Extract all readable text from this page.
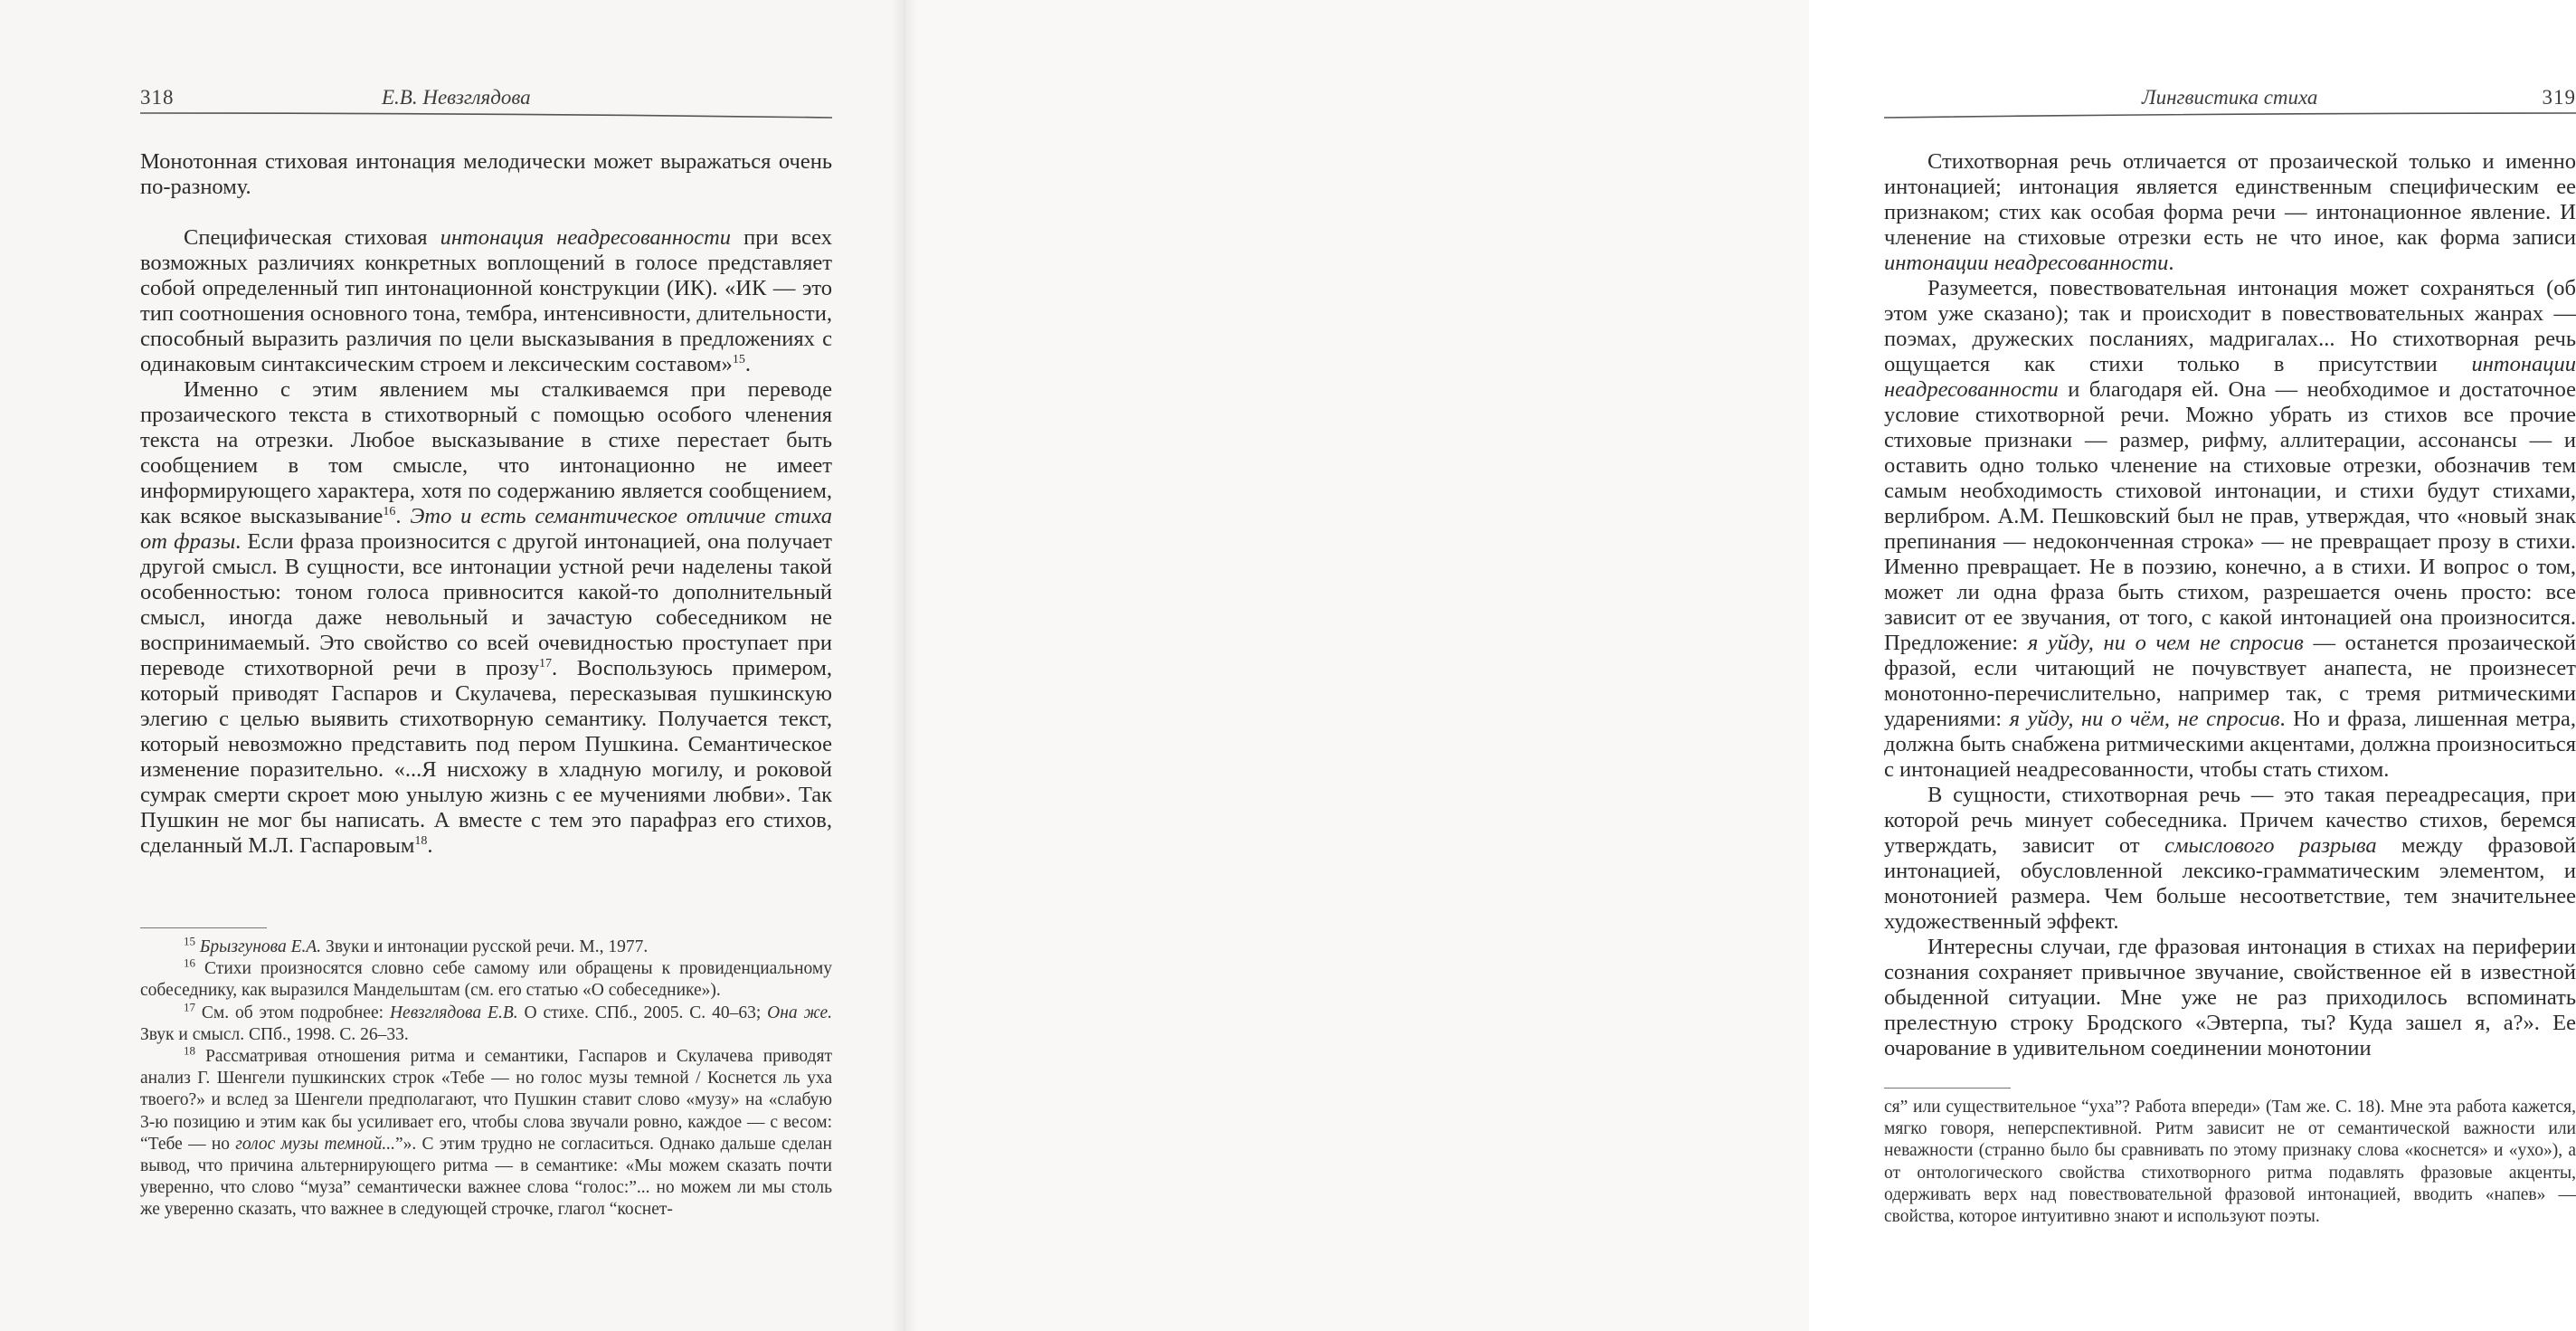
318	Е.В. Невзглядова

Монотонная стиховая интонация мелодически может выражаться очень по-разному.

Специфическая стиховая интонация неадресованности при всех возможных различиях конкретных воплощений в голосе представляет собой определенный тип интонационной конструкции (ИК). «ИК — это тип соотношения основного тона, тембра, интенсивности, длительности, способный выразить различия по цели высказывания в предложениях с одинаковым синтаксическим строем и лексическим составом»$^{15}$.

Именно с этим явлением мы сталкиваемся при переводе прозаического текста в стихотворный с помощью особого членения текста на отрезки. Любое высказывание в стихе перестает быть сообщением в том смысле, что интонационно не имеет информирующего характера, хотя по содержанию является сообщением, как всякое высказывание$^{16}$. Это и есть семантическое отличие стиха от фразы. Если фраза произносится с другой интонацией, она получает другой смысл. В сущности, все интонации устной речи наделены такой особенностью: тоном голоса привносится какой-то дополнительный смысл, иногда даже невольный и зачастую собеседником не воспринимаемый. Это свойство со всей очевидностью проступает при переводе стихотворной речи в прозу$^{17}$. Воспользуюсь примером, который приводят Гаспаров и Скулачева, пересказывая пушкинскую элегию с целью выявить стихотворную семантику. Получается текст, который невозможно представить под пером Пушкина. Семантическое изменение поразительно. «...Я нисхожу в хладную могилу, и роковой сумрак смерти скроет мою унылую жизнь с ее мучениями любви». Так Пушкин не мог бы написать. А вместе с тем это парафраз его стихов, сделанный М.Л. Гаспаровым$^{18}$.

$^{15}$ Брызгунова Е.А. Звуки и интонации русской речи. М., 1977.

$^{16}$ Стихи произносятся словно себе самому или обращены к провиденциальному собеседнику, как выразился Мандельштам (см. его статью «О собеседнике»).

$^{17}$ См. об этом подробнее: Невзглядова Е.В. О стихе. СПб., 2005. С. 40–63; Она же. Звук и смысл. СПб., 1998. С. 26–33.

$^{18}$ Рассматривая отношения ритма и семантики, Гаспаров и Скулачева приводят анализ Г. Шенгели пушкинских строк «Тебе — но голос музы темной / Коснется ль уха твоего?» и вслед за Шенгели предполагают, что Пушкин ставит слово «музу» на «слабую 3-ю позицию и этим как бы усиливает его, чтобы слова звучали ровно, каждое — с весом: “Тебе — но голос музы темной...”». С этим трудно не согласиться. Однако дальше сделан вывод, что причина альтернирующего ритма — в семантике: «Мы можем сказать почти уверенно, что слово “муза” семантически важнее слова “голос:”... но можем ли мы столь же уверенно сказать, что важнее в следующей строчке, глагол “коснет-

Лингвистика стиха	319

Стихотворная речь отличается от прозаической только и именно интонацией; интонация является единственным специфическим ее признаком; стих как особая форма речи — интонационное явление. И членение на стиховые отрезки есть не что иное, как форма записи интонации неадресованности.

Разумеется, повествовательная интонация может сохраняться (об этом уже сказано); так и происходит в повествовательных жанрах — поэмах, дружеских посланиях, мадригалах... Но стихотворная речь ощущается как стихи только в присутствии интонации неадресованности и благодаря ей. Она — необходимое и достаточное условие стихотворной речи. Можно убрать из стихов все прочие стиховые признаки — размер, рифму, аллитерации, ассонансы — и оставить одно только членение на стиховые отрезки, обозначив тем самым необходимость стиховой интонации, и стихи будут стихами, верлибром. А.М. Пешковский был не прав, утверждая, что «новый знак препинания — недоконченная строка» — не превращает прозу в стихи. Именно превращает. Не в поэзию, конечно, а в стихи. И вопрос о том, может ли одна фраза быть стихом, разрешается очень просто: все зависит от ее звучания, от того, с какой интонацией она произносится. Предложение: я уйду, ни о чем не спросив — останется прозаической фразой, если читающий не почувствует анапеста, не произнесет монотонно-перечислительно, например так, с тремя ритмическими ударениями: я уйду, ни о чём, не спросив. Но и фраза, лишенная метра, должна быть снабжена ритмическими акцентами, должна произноситься с интонацией неадресованности, чтобы стать стихом.

В сущности, стихотворная речь — это такая переадресация, при которой речь минует собеседника. Причем качество стихов, беремся утверждать, зависит от смыслового разрыва между фразовой интонацией, обусловленной лексико-грамматическим элементом, и монотонией размера. Чем больше несоответствие, тем значительнее художественный эффект.

Интересны случаи, где фразовая интонация в стихах на периферии сознания сохраняет привычное звучание, свойственное ей в известной обыденной ситуации. Мне уже не раз приходилось вспоминать прелестную строку Бродского «Эвтерпа, ты? Куда зашел я, а?». Ее очарование в удивительном соединении монотонии

ся” или существительное “уха”? Работа впереди» (Там же. С. 18). Мне эта работа кажется, мягко говоря, неперспективной. Ритм зависит не от семантической важности или неважности (странно было бы сравнивать по этому признаку слова «коснется» и «ухо»), а от онтологического свойства стихотворного ритма подавлять фразовые акценты, одерживать верх над повествовательной фразовой интонацией, вводить «напев» — свойства, которое интуитивно знают и используют поэты.
